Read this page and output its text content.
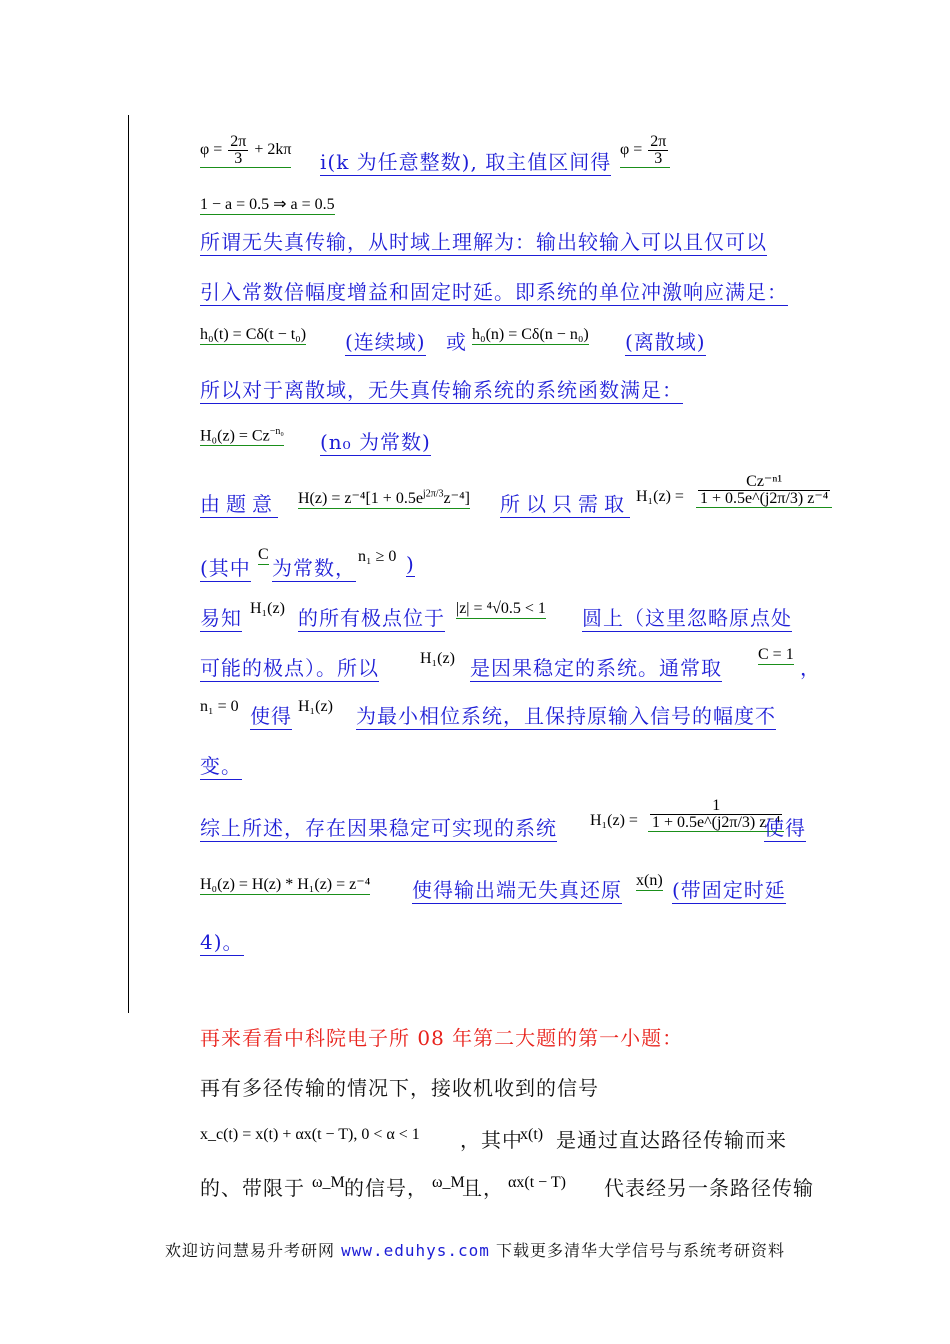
$\varphi = \frac{2\pi}{3} + 2k\pi$
i(k 为任意整数), 取主值区间得
$\varphi = \frac{2\pi}{3}$
1 − a = 0.5 ⇒ a = 0.5
所谓无失真传输，从时域上理解为：输出较输入可以且仅可以
引入常数倍幅度增益和固定时延。即系统的单位冲激响应满足：
h₀(t) = Cδ(t − t₀) (连续域) 或 h₀(n) = Cδ(n − n₀) (离散域)
所以对于离散域，无失真传输系统的系统函数满足：
$H_0(z) = Cz^{-n_0}$ (n₀ 为常数)
由题意 $H(z) = z^{-4}[1 + 0.5e^{j2\pi/3}z^{-4}]$ 所以只需取 $H_1(z) = \frac{\text{Cz⁻ⁿ¹}}{\text{1 + 0.5e\textasciicircum{}(j2π/3) z⁻⁴}}$
(其中
C
为常数， n₁ ≥ 0 )
易知 H₁(z) 的所有极点位于 |z| = ⁴√0.5 < 1 圆上（这里忽略原点处
可能的极点）。所以	H₁(z) 是因果稳定的系统。通常取
C = 1
，
n₁ = 0 使得 H₁(z) 为最小相位系统，且保持原输入信号的幅度不
变。
综上所述，存在因果稳定可实现的系统 $H_1(z) = \frac{1}{\text{1 + 0.5e\textasciicircum{}(j2π/3) z⁻⁴}}$
使得
H₀(z) = H(z) * H₁(z) = z⁻⁴ 使得输出端无失真还原 x(n) (带固定时延
4)。
再来看看中科院电子所 08 年第二大题的第一小题：
再有多径传输的情况下，接收机收到的信号
x_c(t) = x(t) + αx(t − T), 0 < α < 1 ，其中
x(t) 是通过直达路径传输而来
的、带限于 ω_M 的信号， ω_M
且， αx(t − T) 代表经另一条路径传输
欢迎访问慧易升考研网 www.eduhys.com 下载更多清华大学信号与系统考研资料
